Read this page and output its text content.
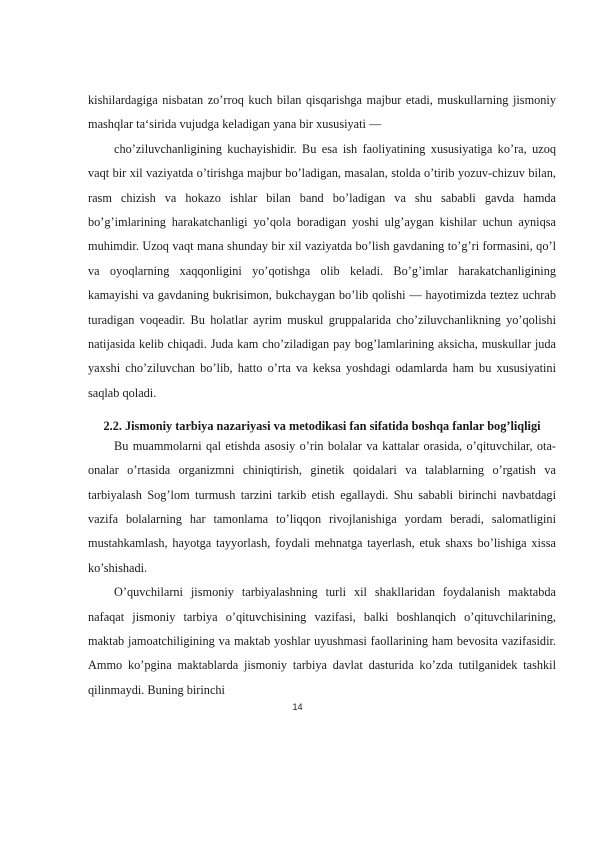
kishilardagiga nisbatan zo’rroq kuch bilan qisqarishga majbur etadi, muskullarning jismoniy mashqlar ta‘sirida vujudga keladigan yana bir xususiyati —

cho’ziluvchanligining kuchayishidir. Bu esa ish faoliyatining xususiyatiga ko’ra, uzoq vaqt bir xil vaziyatda o’tirishga majbur bo’ladigan, masalan, stolda o’tirib yozuv-chizuv bilan, rasm chizish va hokazo ishlar bilan band bo’ladigan va shu sababli gavda hamda bo’g’imlarining harakatchanligi yo’qola boradigan yoshi ulg’aygan kishilar uchun ayniqsa muhimdir. Uzoq vaqt mana shunday bir xil vaziyatda bo’lish gavdaning to’g’ri formasini, qo’l va oyoqlarning xaqqonligini yo’qotishga olib keladi. Bo’g’imlar harakatchanligining kamayishi va gavdaning bukrisimon, bukchaygan bo’lib qolishi — hayotimizda teztez uchrab turadigan voqeadir. Bu holatlar ayrim muskul gruppalarida cho’ziluvchanlikning yo’qolishi natijasida kelib chiqadi. Juda kam cho’ziladigan pay bog’lamlarining aksicha, muskullar juda yaxshi cho’ziluvchan bo’lib, hatto o’rta va keksa yoshdagi odamlarda ham bu xususiyatini saqlab qoladi.

2.2. Jismoniy tarbiya nazariyasi va metodikasi fan sifatida boshqa fanlar bog’liqligi

Bu muammolarni qal etishda asosiy o’rin bolalar va kattalar orasida, o’qituvchilar, ota-onalar o’rtasida organizmni chiniqtirish, ginetik qoidalari va talablarning o’rgatish va tarbiyalash Sog’lom turmush tarzini tarkib etish egallaydi. Shu sababli birinchi navbatdagi vazifa bolalarning har tamonlama to’liqqon rivojlanishiga yordam beradi, salomatligini mustahkamlash, hayotga tayyorlash, foydali mehnatga tayerlash, etuk shaxs bo’lishiga xissa ko’shishadi.

O’quvchilarni jismoniy tarbiyalashning turli xil shakllaridan foydalanish maktabda nafaqat jismoniy tarbiya o’qituvchisining vazifasi, balki boshlanqich o’qituvchilarining, maktab jamoatchiligining va maktab yoshlar uyushmasi faollarining ham bevosita vazifasidir. Ammo ko’pgina maktablarda jismoniy tarbiya davlat dasturida ko’zda tutilganidek tashkil qilinmaydi. Buning birinchi

14
